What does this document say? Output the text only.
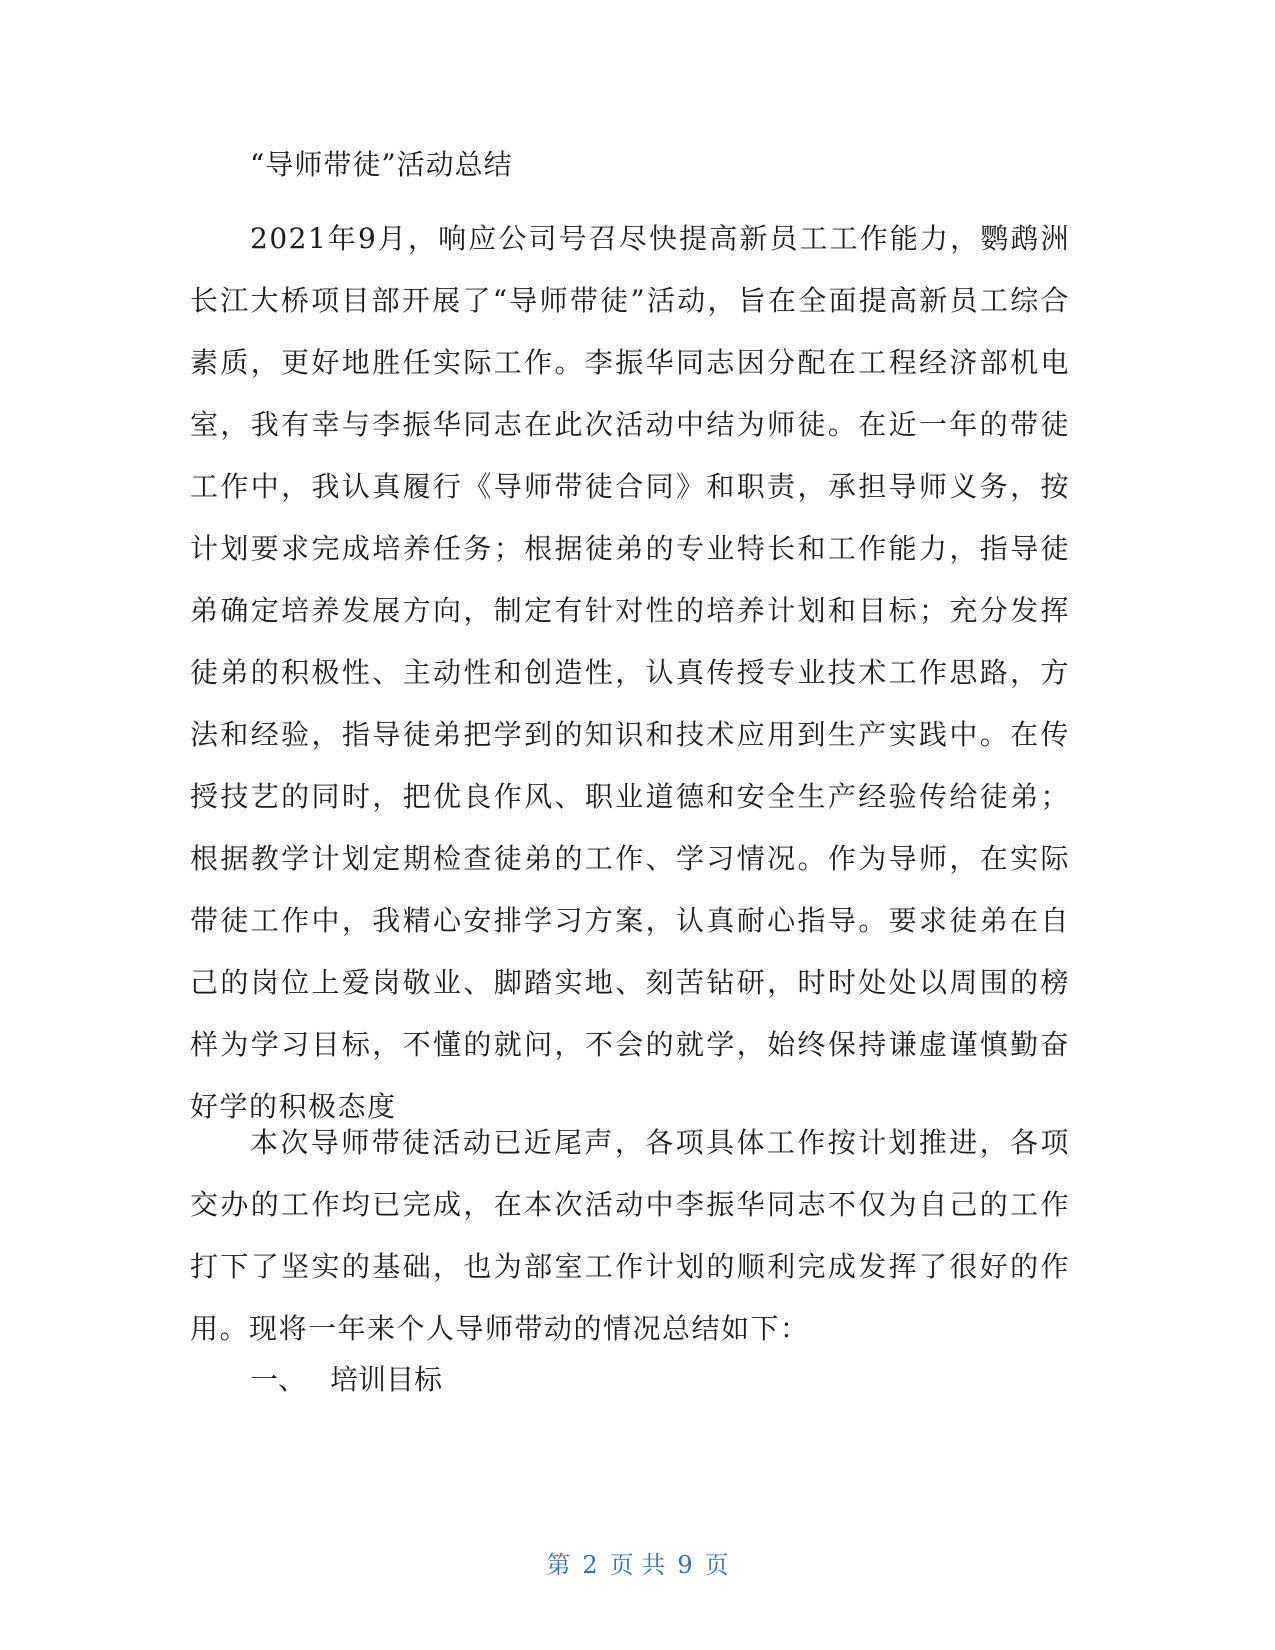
“导师带徒”活动总结

2021年9月，响应公司号召尽快提高新员工工作能力，鹦鹉洲长江大桥项目部开展了“导师带徒”活动，旨在全面提高新员工综合素质，更好地胜任实际工作。李振华同志因分配在工程经济部机电室，我有幸与李振华同志在此次活动中结为师徒。在近一年的带徒工作中，我认真履行《导师带徒合同》和职责，承担导师义务，按计划要求完成培养任务；根据徒弟的专业特长和工作能力，指导徒弟确定培养发展方向，制定有针对性的培养计划和目标；充分发挥徒弟的积极性、主动性和创造性，认真传授专业技术工作思路，方法和经验，指导徒弟把学到的知识和技术应用到生产实践中。在传授技艺的同时，把优良作风、职业道德和安全生产经验传给徒弟；根据教学计划定期检查徒弟的工作、学习情况。作为导师，在实际带徒工作中，我精心安排学习方案，认真耐心指导。要求徒弟在自己的岗位上爱岗敬业、脚踏实地、刻苦钻研，时时处处以周围的榜样为学习目标，不懂的就问，不会的就学，始终保持谦虚谨慎勤奋好学的积极态度

本次导师带徒活动已近尾声，各项具体工作按计划推进，各项交办的工作均已完成，在本次活动中李振华同志不仅为自己的工作打下了坚实的基础，也为部室工作计划的顺利完成发挥了很好的作用。现将一年来个人导师带动的情况总结如下：

一、 培训目标
第 2 页 共 9 页
